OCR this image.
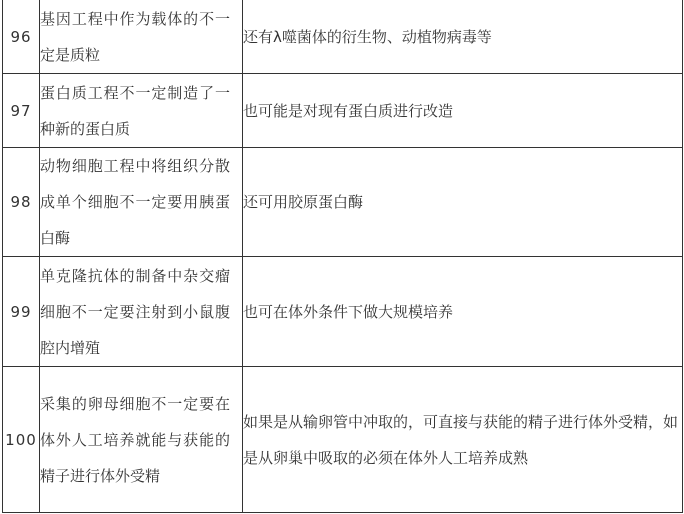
96	基因工程中作为载体的不一定是质粒	还有λ噬菌体的衍生物、动植物病毒等
97	蛋白质工程不一定制造了一种新的蛋白质	也可能是对现有蛋白质进行改造
98	动物细胞工程中将组织分散成单个细胞不一定要用胰蛋白酶	还可用胶原蛋白酶
99	单克隆抗体的制备中杂交瘤细胞不一定要注射到小鼠腹腔内增殖	也可在体外条件下做大规模培养
100	采集的卵母细胞不一定要在体外人工培养就能与获能的精子进行体外受精	如果是从输卵管中冲取的，可直接与获能的精子进行体外受精，如是从卵巢中吸取的必须在体外人工培养成熟
